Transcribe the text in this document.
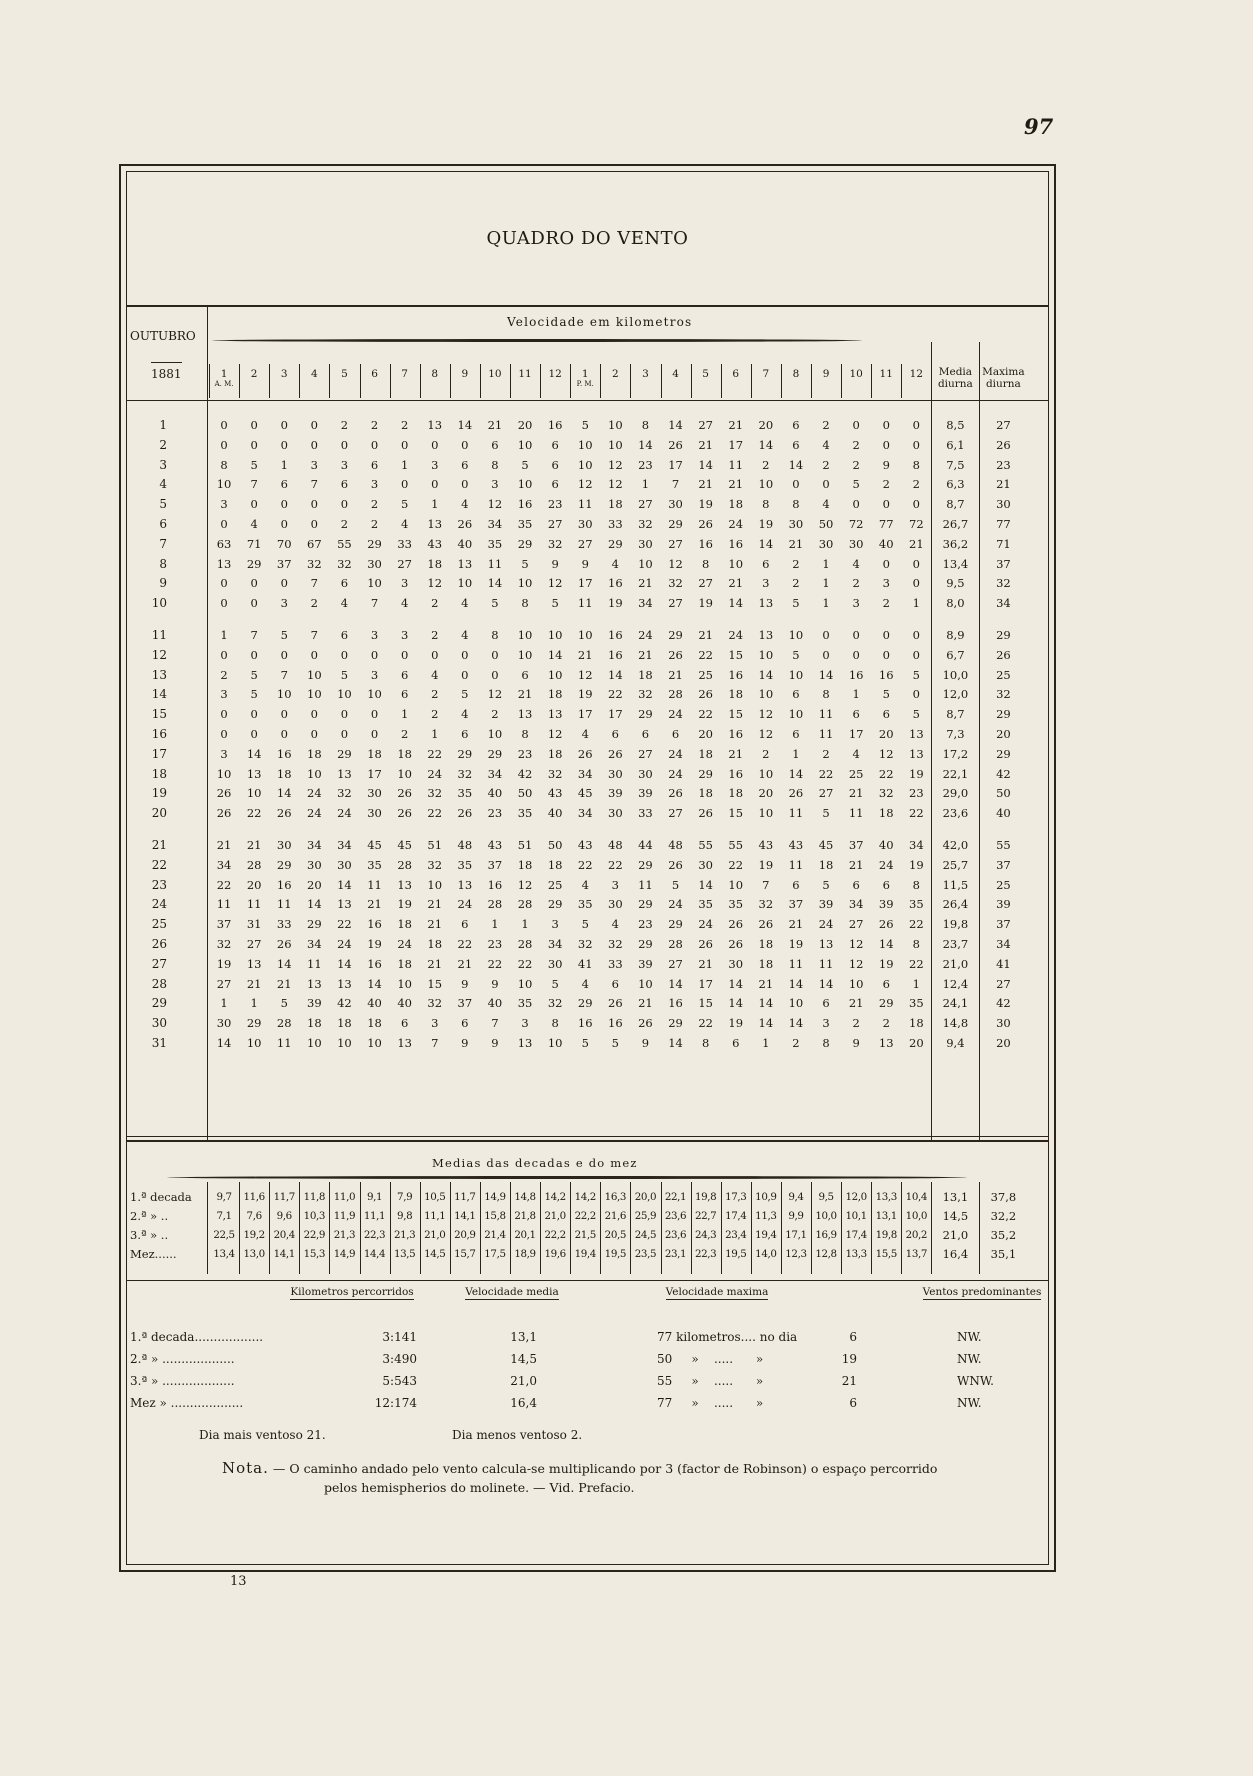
97
QUADRO DO VENTO
OUTUBRO
1881
Velocidade em kilometros
Medias das decadas e do mez
Kilometros percorridos	Velocidade media	Velocidade maxima	Ventos predominantes
Dia mais ventoso 21.	Dia menos ventoso 2.
Nota. — O caminho andado pelo vento calcula-se multiplicando por 3 (factor de Robinson) o espaço percorrido
pelos hemispherios do molinete. — Vid. Prefacio.
1
A. M.
2	3	4	5	6	7	8	9	10	11	12	1
P. M.
2	3	4	5	6	7	8	9	10	11	12	Media diurna
Maxima diurna
1	0	0	0	0	2	2	2	13	14	21	20	16	5	10	8	14	27	21	20	6	2	0	0	0	8,5	27
2	0	0	0	0	0	0	0	0	0	6	10	6	10	10	14	26	21	17	14	6	4	2	0	0	6,1	26
3	8	5	1	3	3	6	1	3	6	8	5	6	10	12	23	17	14	11	2	14	2	2	9	8	7,5	23
4	10	7	6	7	6	3	0	0	0	3	10	6	12	12	1	7	21	21	10	0	0	5	2	2	6,3	21
5	3	0	0	0	0	2	5	1	4	12	16	23	11	18	27	30	19	18	8	8	4	0	0	0	8,7	30
6	0	4	0	0	2	2	4	13	26	34	35	27	30	33	32	29	26	24	19	30	50	72	77	72	26,7	77
7	63	71	70	67	55	29	33	43	40	35	29	32	27	29	30	27	16	16	14	21	30	30	40	21	36,2	71
8	13	29	37	32	32	30	27	18	13	11	5	9	9	4	10	12	8	10	6	2	1	4	0	0	13,4	37
9	0	0	0	7	6	10	3	12	10	14	10	12	17	16	21	32	27	21	3	2	1	2	3	0	9,5	32
10	0	0	3	2	4	7	4	2	4	5	8	5	11	19	34	27	19	14	13	5	1	3	2	1	8,0	34
11	1	7	5	7	6	3	3	2	4	8	10	10	10	16	24	29	21	24	13	10	0	0	0	0	8,9	29
12	0	0	0	0	0	0	0	0	0	0	10	14	21	16	21	26	22	15	10	5	0	0	0	0	6,7	26
13	2	5	7	10	5	3	6	4	0	0	6	10	12	14	18	21	25	16	14	10	14	16	16	5	10,0	25
14	3	5	10	10	10	10	6	2	5	12	21	18	19	22	32	28	26	18	10	6	8	1	5	0	12,0	32
15	0	0	0	0	0	0	1	2	4	2	13	13	17	17	29	24	22	15	12	10	11	6	6	5	8,7	29
16	0	0	0	0	0	0	2	1	6	10	8	12	4	6	6	6	20	16	12	6	11	17	20	13	7,3	20
17	3	14	16	18	29	18	18	22	29	29	23	18	26	26	27	24	18	21	2	1	2	4	12	13	17,2	29
18	10	13	18	10	13	17	10	24	32	34	42	32	34	30	30	24	29	16	10	14	22	25	22	19	22,1	42
19	26	10	14	24	32	30	26	32	35	40	50	43	45	39	39	26	18	18	20	26	27	21	32	23	29,0	50
20	26	22	26	24	24	30	26	22	26	23	35	40	34	30	33	27	26	15	10	11	5	11	18	22	23,6	40
21	21	21	30	34	34	45	45	51	48	43	51	50	43	48	44	48	55	55	43	43	45	37	40	34	42,0	55
22	34	28	29	30	30	35	28	32	35	37	18	18	22	22	29	26	30	22	19	11	18	21	24	19	25,7	37
23	22	20	16	20	14	11	13	10	13	16	12	25	4	3	11	5	14	10	7	6	5	6	6	8	11,5	25
24	11	11	11	14	13	21	19	21	24	28	28	29	35	30	29	24	35	35	32	37	39	34	39	35	26,4	39
25	37	31	33	29	22	16	18	21	6	1	1	3	5	4	23	29	24	26	26	21	24	27	26	22	19,8	37
26	32	27	26	34	24	19	24	18	22	23	28	34	32	32	29	28	26	26	18	19	13	12	14	8	23,7	34
27	19	13	14	11	14	16	18	21	21	22	22	30	41	33	39	27	21	30	18	11	11	12	19	22	21,0	41
28	27	21	21	13	13	14	10	15	9	9	10	5	4	6	10	14	17	14	21	14	14	10	6	1	12,4	27
29	1	1	5	39	42	40	40	32	37	40	35	32	29	26	21	16	15	14	14	10	6	21	29	35	24,1	42
30	30	29	28	18	18	18	6	3	6	7	3	8	16	16	26	29	22	19	14	14	3	2	2	18	14,8	30
31	14	10	11	10	10	10	13	7	9	9	13	10	5	5	9	14	8	6	1	2	8	9	13	20	9,4	20
1.ª decada	9,7	11,6 11,7 11,8 11,0	9,1	7,9	10,5 11,7 14,9 14,8 14,2 14,2 16,3 20,0 22,1 19,8 17,3 10,9	9,4	9,5	12,0 13,3 10,4	13,1	37,8
2.ª » ..	7,1	7,6	9,6	10,3 11,9 11,1	9,8	11,1 14,1 15,8 21,8 21,0 22,2 21,6 25,9 23,6 22,7 17,4 11,3	9,9	10,0 10,1 13,1 10,0	14,5	32,2
3.ª » ..	22,5 19,2 20,4 22,9 21,3 22,3 21,3 21,0 20,9 21,4 20,1 22,2 21,5 20,5 24,5 23,6 24,3 23,4 19,4 17,1 16,9 17,4 19,8 20,2	21,0	35,2
Mez......	13,4 13,0 14,1 15,3 14,9 14,4 13,5 14,5 15,7 17,5 18,9 19,6 19,4 19,5 23,5 23,1 22,3 19,5 14,0 12,3 12,8 13,3 15,5 13,7	16,4	35,1
1.ª decada..................	3:141	13,1	77 kilometros.... no dia	6	NW.
2.ª » ...................	3:490	14,5	50     »    .....      »	19	NW.
3.ª » ...................	5:543	21,0	55     »    .....      »	21	WNW.
Mez » ...................	12:174	16,4	77     »    .....      »	6	NW.
13
